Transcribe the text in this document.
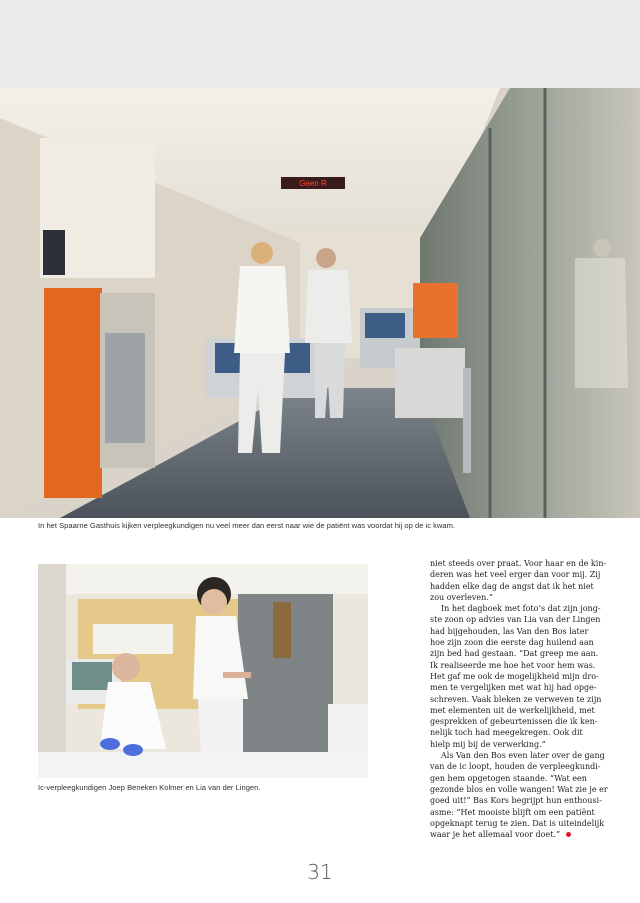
Geen R
In het Spaarne Gasthuis kijken verpleegkundigen nu veel meer dan eerst naar wie de patiënt was voordat hij op de ic kwam.
Ic-verpleegkundigen Joep Beneken Kolmer en Lia van der Lingen.
niet steeds over praat. Voor haar en de kin-
deren was het veel erger dan voor mij. Zij
hadden elke dag de angst dat ik het niet
zou overleven.”
In het dagboek met foto’s dat zijn jong-
ste zoon op advies van Lia van der Lingen
had bijgehouden, las Van den Bos later
hoe zijn zoon die eerste dag huilend aan
zijn bed had gestaan. “Dat greep me aan.
Ik realiseerde me hoe het voor hem was.
Het gaf me ook de mogelijkheid mijn dro-
men te vergelijken met wat hij had opge-
schreven. Vaak bleken ze verweven te zijn
met elementen uit de werkelijkheid, met
gesprekken of gebeurtenissen die ik ken-
nelijk toch had meegekregen. Ook dit
hielp mij bij de verwerking.”
Als Van den Bos even later over de gang
van de ic loopt, houden de verpleegkundi-
gen hem opgetogen staande. “Wat een
gezonde blos en volle wangen! Wat zie je er
goed uit!” Bas Kors begrijpt hun enthousi-
asme: “Het mooiste blijft om een patiënt
opgeknapt terug te zien. Dat is uiteindelijk
waar je het allemaal voor doet.”
31
